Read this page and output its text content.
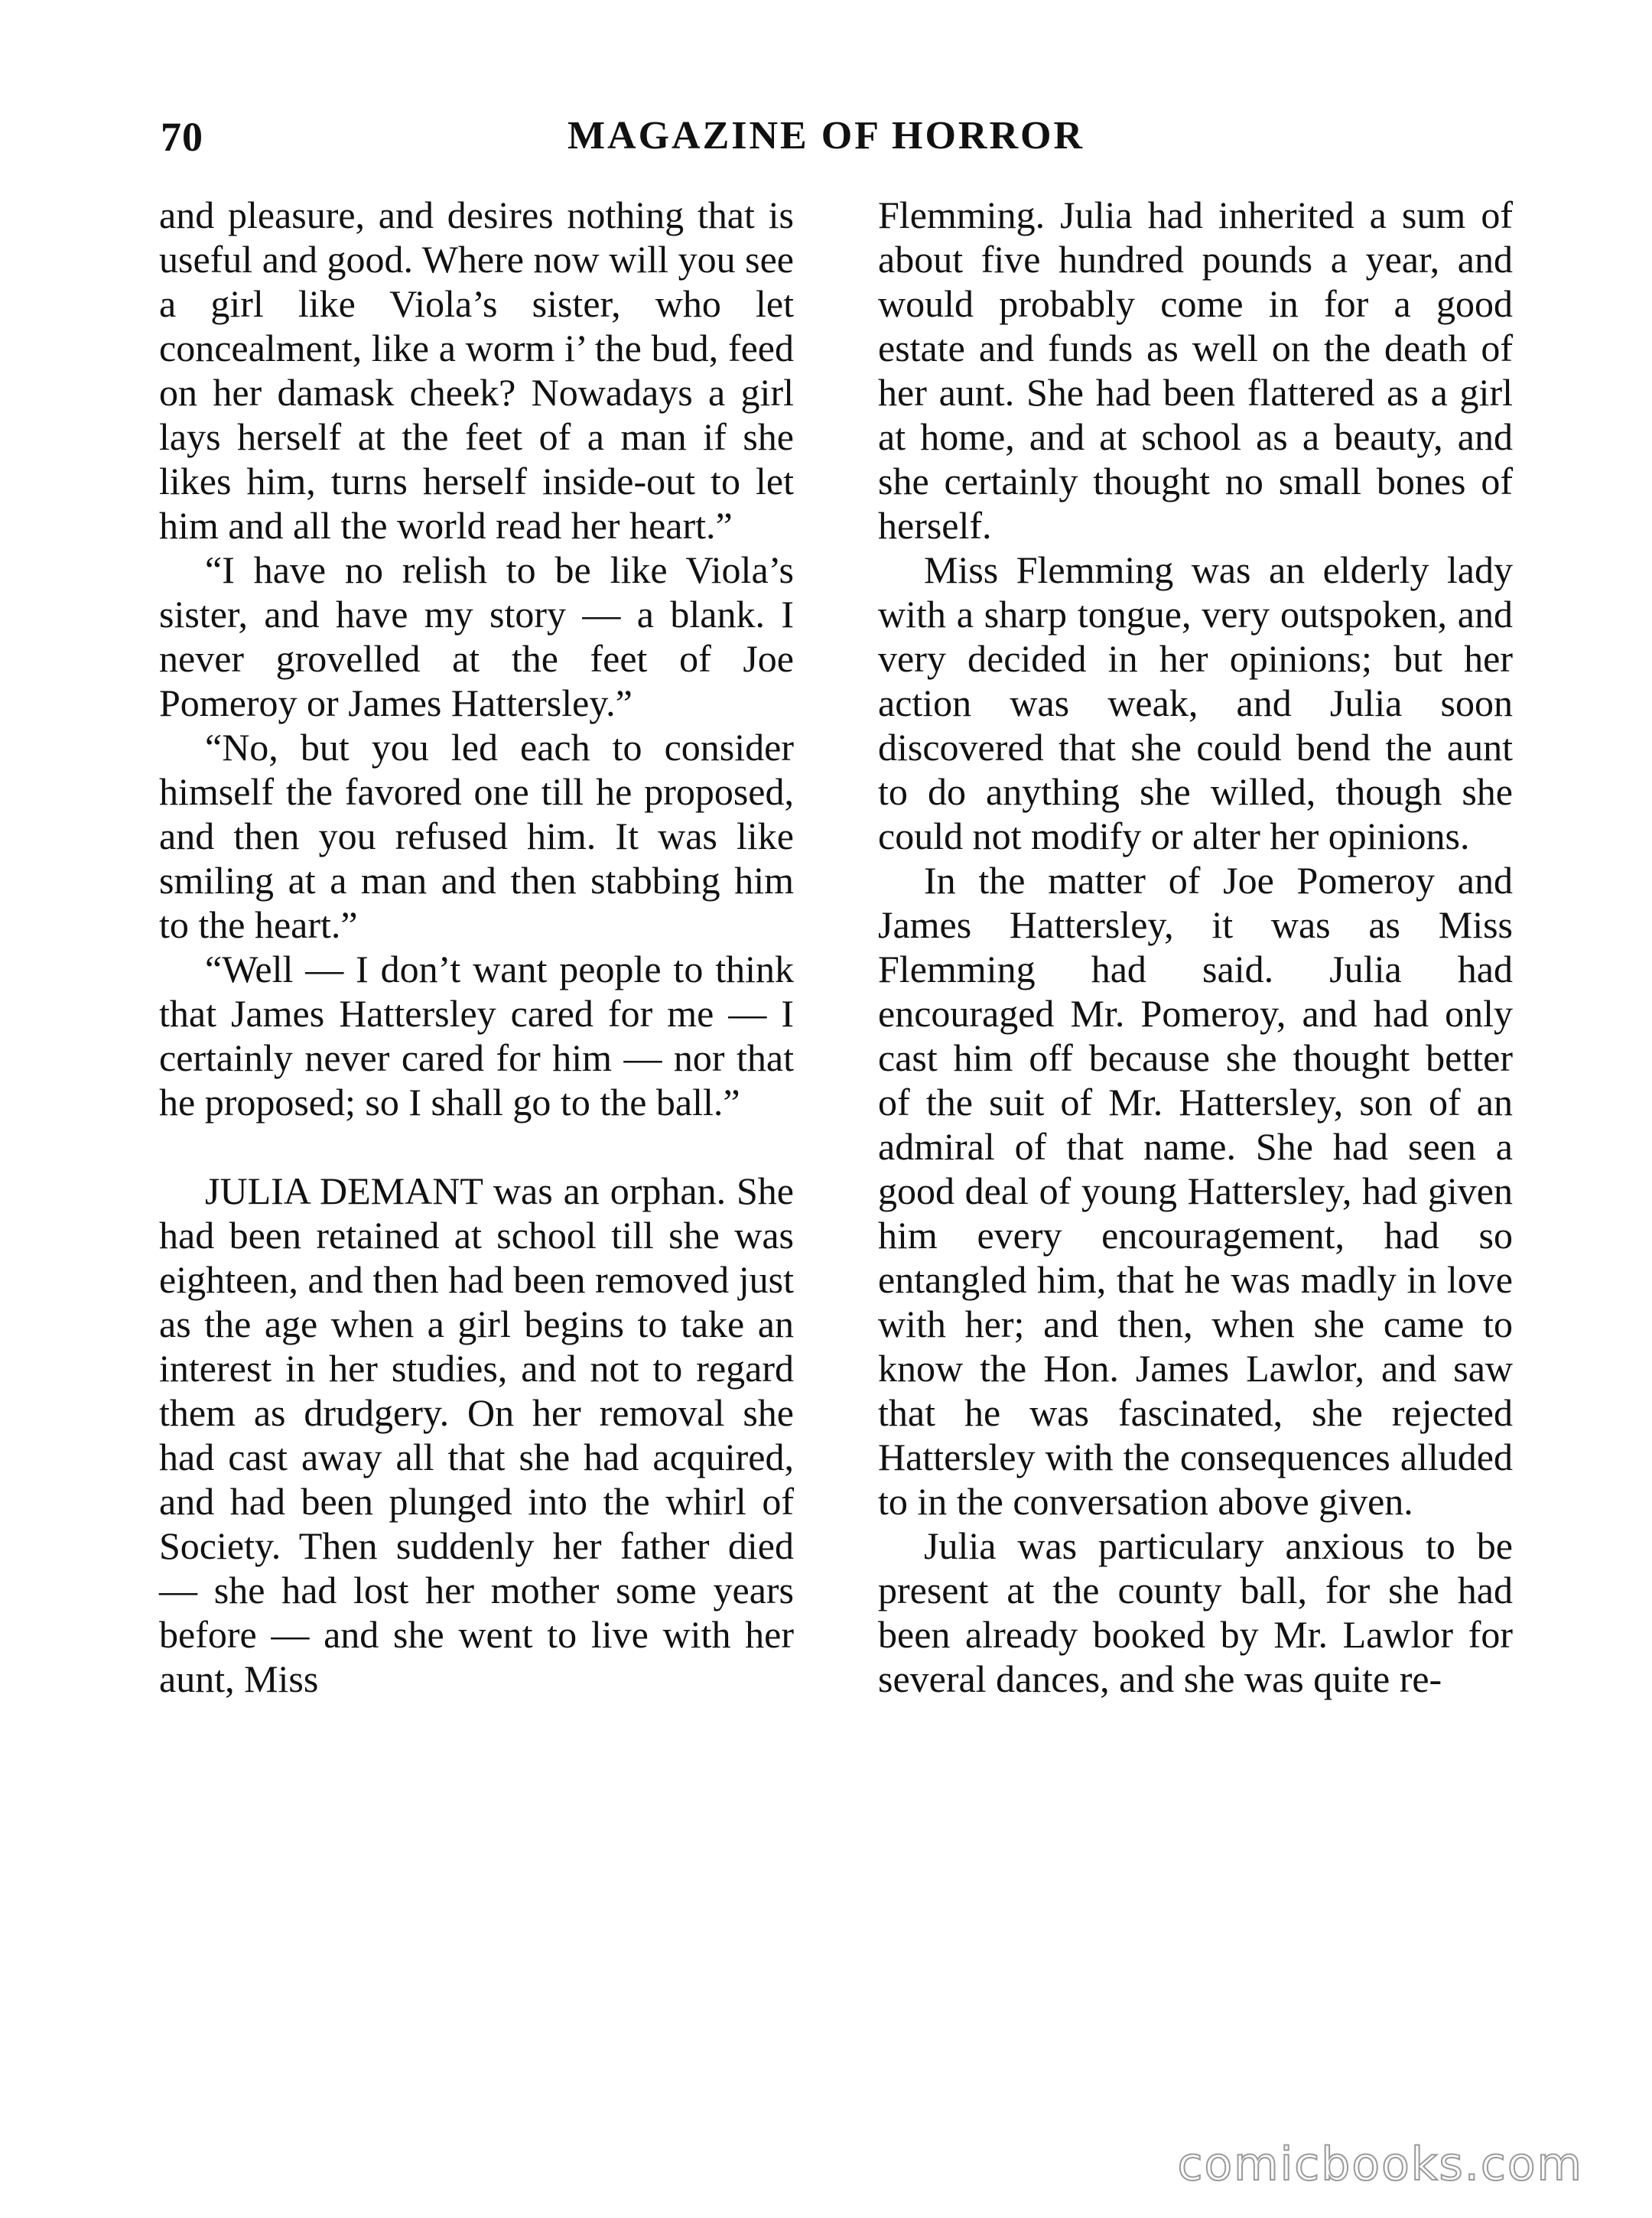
70	MAGAZINE OF HORROR

and pleasure, and desires nothing that is useful and good. Where now will you see a girl like Viola’s sister, who let concealment, like a worm i’ the bud, feed on her damask cheek? Nowadays a girl lays herself at the feet of a man if she likes him, turns herself inside-out to let him and all the world read her heart.”

“I have no relish to be like Viola’s sister, and have my story — a blank. I never grovelled at the feet of Joe Pomeroy or James Hattersley.”

“No, but you led each to consider himself the favored one till he proposed, and then you refused him. It was like smiling at a man and then stabbing him to the heart.”

“Well — I don’t want people to think that James Hattersley cared for me — I certainly never cared for him — nor that he proposed; so I shall go to the ball.”

JULIA DEMANT was an orphan. She had been retained at school till she was eighteen, and then had been removed just as the age when a girl begins to take an interest in her studies, and not to regard them as drudgery. On her removal she had cast away all that she had acquired, and had been plunged into the whirl of Society. Then suddenly her father died — she had lost her mother some years before — and she went to live with her aunt, Miss

Flemming. Julia had inherited a sum of about five hundred pounds a year, and would probably come in for a good estate and funds as well on the death of her aunt. She had been flattered as a girl at home, and at school as a beauty, and she certainly thought no small bones of herself.

Miss Flemming was an elderly lady with a sharp tongue, very outspoken, and very decided in her opinions; but her action was weak, and Julia soon discovered that she could bend the aunt to do anything she willed, though she could not modify or alter her opinions.

In the matter of Joe Pomeroy and James Hattersley, it was as Miss Flemming had said. Julia had encouraged Mr. Pomeroy, and had only cast him off because she thought better of the suit of Mr. Hattersley, son of an admiral of that name. She had seen a good deal of young Hattersley, had given him every encouragement, had so entangled him, that he was madly in love with her; and then, when she came to know the Hon. James Lawlor, and saw that he was fascinated, she rejected Hattersley with the consequences alluded to in the conversation above given.

Julia was particulary anxious to be present at the county ball, for she had been already booked by Mr. Lawlor for several dances, and she was quite re-

comicbooks.com
